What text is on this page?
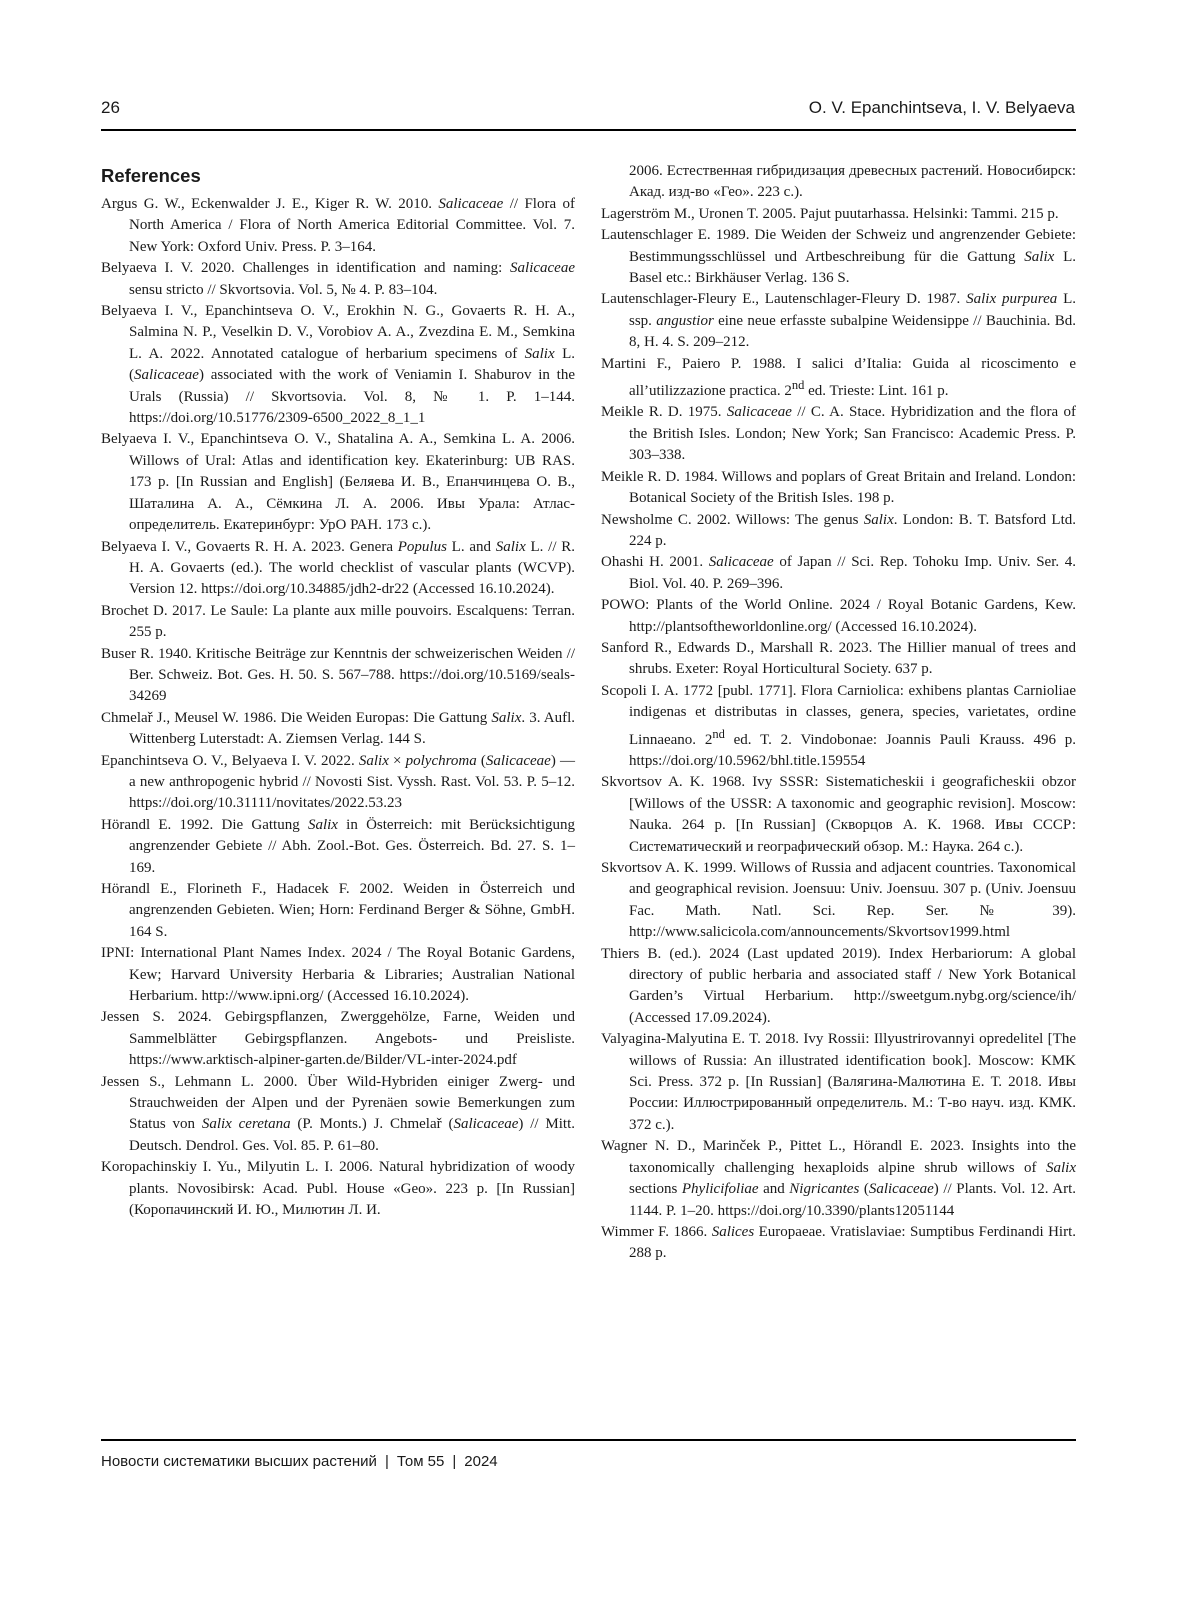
26	O. V. Epanchintseva, I. V. Belyaeva
References

Argus G. W., Eckenwalder J. E., Kiger R. W. 2010. Salicaceae // Flora of North America / Flora of North America Editorial Committee. Vol. 7. New York: Oxford Univ. Press. P. 3–164.

Belyaeva I. V. 2020. Challenges in identification and naming: Salicaceae sensu stricto // Skvortsovia. Vol. 5, № 4. P. 83–104.

Belyaeva I. V., Epanchintseva O. V., Erokhin N. G., Govaerts R. H. A., Salmina N. P., Veselkin D. V., Vorobiov A. A., Zvezdina E. M., Semkina L. A. 2022. Annotated catalogue of herbarium specimens of Salix L. (Salicaceae) associated with the work of Veniamin I. Shaburov in the Urals (Russia) // Skvortsovia. Vol. 8, № 1. P. 1–144. https://doi.org/10.51776/2309-6500_2022_8_1_1

Belyaeva I. V., Epanchintseva O. V., Shatalina A. A., Semkina L. A. 2006. Willows of Ural: Atlas and identification key. Ekaterinburg: UB RAS. 173 p. [In Russian and English] (Беляева И. В., Епанчинцева О. В., Шаталина А. А., Сёмкина Л. А. 2006. Ивы Урала: Атлас-определитель. Екатеринбург: УрО РАН. 173 с.).

Belyaeva I. V., Govaerts R. H. A. 2023. Genera Populus L. and Salix L. // R. H. A. Govaerts (ed.). The world checklist of vascular plants (WCVP). Version 12. https://doi.org/10.34885/jdh2-dr22 (Accessed 16.10.2024).

Brochet D. 2017. Le Saule: La plante aux mille pouvoirs. Escalquens: Terran. 255 p.

Buser R. 1940. Kritische Beiträge zur Kenntnis der schweizerischen Weiden // Ber. Schweiz. Bot. Ges. H. 50. S. 567–788. https://doi.org/10.5169/seals-34269

Chmelař J., Meusel W. 1986. Die Weiden Europas: Die Gattung Salix. 3. Aufl. Wittenberg Luterstadt: A. Ziemsen Verlag. 144 S.

Epanchintseva O. V., Belyaeva I. V. 2022. Salix × polychroma (Salicaceae) — a new anthropogenic hybrid // Novosti Sist. Vyssh. Rast. Vol. 53. P. 5–12. https://doi.org/10.31111/novitates/2022.53.23

Hörandl E. 1992. Die Gattung Salix in Österreich: mit Berücksichtigung angrenzender Gebiete // Abh. Zool.-Bot. Ges. Österreich. Bd. 27. S. 1–169.

Hörandl E., Florineth F., Hadacek F. 2002. Weiden in Österreich und angrenzenden Gebieten. Wien; Horn: Ferdinand Berger & Söhne, GmbH. 164 S.

IPNI: International Plant Names Index. 2024 / The Royal Botanic Gardens, Kew; Harvard University Herbaria & Libraries; Australian National Herbarium. http://www.ipni.org/ (Accessed 16.10.2024).

Jessen S. 2024. Gebirgspflanzen, Zwerggehölze, Farne, Weiden und Sammelblätter Gebirgspflanzen. Angebots- und Preisliste. https://www.arktisch-alpiner-garten.de/Bilder/VL-inter-2024.pdf

Jessen S., Lehmann L. 2000. Über Wild-Hybriden einiger Zwerg- und Strauchweiden der Alpen und der Pyrenäen sowie Bemerkungen zum Status von Salix ceretana (P. Monts.) J. Chmelař (Salicaceae) // Mitt. Deutsch. Dendrol. Ges. Vol. 85. P. 61–80.

Koropachinskiy I. Yu., Milyutin L. I. 2006. Natural hybridization of woody plants. Novosibirsk: Acad. Publ. House «Geo». 223 p. [In Russian] (Коропачинский И. Ю., Милютин Л. И.

2006. Естественная гибридизация древесных растений. Новосибирск: Акад. изд-во «Гео». 223 с.).

Lagerström M., Uronen T. 2005. Pajut puutarhassa. Helsinki: Tammi. 215 p.

Lautenschlager E. 1989. Die Weiden der Schweiz und angrenzender Gebiete: Bestimmungsschlüssel und Artbeschreibung für die Gattung Salix L. Basel etc.: Birkhäuser Verlag. 136 S.

Lautenschlager-Fleury E., Lautenschlager-Fleury D. 1987. Salix purpurea L. ssp. angustior eine neue erfasste subalpine Weidensippe // Bauchinia. Bd. 8, H. 4. S. 209–212.

Martini F., Paiero P. 1988. I salici d’Italia: Guida al ricoscimento e all’utilizzazione practica. 2nd ed. Trieste: Lint. 161 p.

Meikle R. D. 1975. Salicaceae // C. A. Stace. Hybridization and the flora of the British Isles. London; New York; San Francisco: Academic Press. P. 303–338.

Meikle R. D. 1984. Willows and poplars of Great Britain and Ireland. London: Botanical Society of the British Isles. 198 p.

Newsholme C. 2002. Willows: The genus Salix. London: B. T. Batsford Ltd. 224 p.

Ohashi H. 2001. Salicaceae of Japan // Sci. Rep. Tohoku Imp. Univ. Ser. 4. Biol. Vol. 40. P. 269–396.

POWO: Plants of the World Online. 2024 / Royal Botanic Gardens, Kew. http://plantsoftheworldonline.org/ (Accessed 16.10.2024).

Sanford R., Edwards D., Marshall R. 2023. The Hillier manual of trees and shrubs. Exeter: Royal Horticultural Society. 637 p.

Scopoli I. A. 1772 [publ. 1771]. Flora Carniolica: exhibens plantas Carnioliae indigenas et distributas in classes, genera, species, varietates, ordine Linnaeano. 2nd ed. T. 2. Vindobonae: Joannis Pauli Krauss. 496 p. https://doi.org/10.5962/bhl.title.159554

Skvortsov A. K. 1968. Ivy SSSR: Sistematicheskii i geograficheskii obzor [Willows of the USSR: A taxonomic and geographic revision]. Moscow: Nauka. 264 p. [In Russian] (Скворцов А. К. 1968. Ивы СССР: Систематический и географический обзор. М.: Наука. 264 с.).

Skvortsov A. K. 1999. Willows of Russia and adjacent countries. Taxonomical and geographical revision. Joensuu: Univ. Joensuu. 307 p. (Univ. Joensuu Fac. Math. Natl. Sci. Rep. Ser. № 39). http://www.salicicola.com/announcements/Skvortsov1999.html

Thiers B. (ed.). 2024 (Last updated 2019). Index Herbariorum: A global directory of public herbaria and associated staff / New York Botanical Garden’s Virtual Herbarium. http://sweetgum.nybg.org/science/ih/ (Accessed 17.09.2024).

Valyagina-Malyutina E. T. 2018. Ivy Rossii: Illyustrirovannyi opredelitel [The willows of Russia: An illustrated identification book]. Moscow: KMK Sci. Press. 372 p. [In Russian] (Валягина-Малютина Е. Т. 2018. Ивы России: Иллюстрированный определитель. М.: Т-во науч. изд. КМК. 372 с.).

Wagner N. D., Marinček P., Pittet L., Hörandl E. 2023. Insights into the taxonomically challenging hexaploids alpine shrub willows of Salix sections Phylicifoliae and Nigricantes (Salicaceae) // Plants. Vol. 12. Art. 1144. P. 1–20. https://doi.org/10.3390/plants12051144

Wimmer F. 1866. Salices Europaeae. Vratislaviae: Sumptibus Ferdinandi Hirt. 288 p.

Новости систематики высших растений | Том 55 | 2024
